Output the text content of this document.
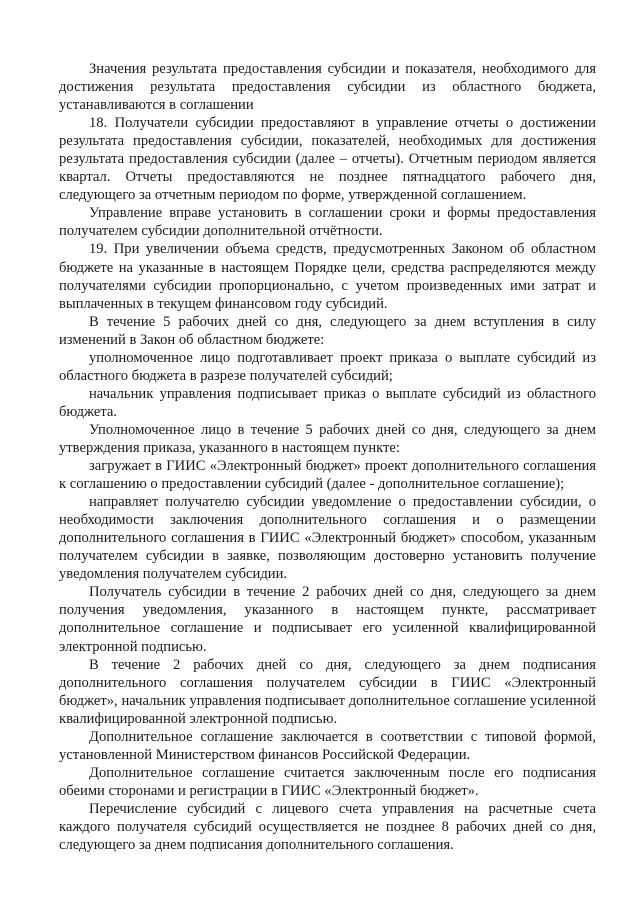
Значения результата предоставления субсидии и показателя, необходимого для достижения результата предоставления субсидии из областного бюджета, устанавливаются в соглашении

18. Получатели субсидии предоставляют в управление отчеты о достижении результата предоставления субсидии, показателей, необходимых для достижения результата предоставления субсидии (далее – отчеты). Отчетным периодом является квартал. Отчеты предоставляются не позднее пятнадцатого рабочего дня, следующего за отчетным периодом по форме, утвержденной соглашением.

Управление вправе установить в соглашении сроки и формы предоставления получателем субсидии дополнительной отчётности.

19. При увеличении объема средств, предусмотренных Законом об областном бюджете на указанные в настоящем Порядке цели, средства распределяются между получателями субсидии пропорционально, с учетом произведенных ими затрат и выплаченных в текущем финансовом году субсидий.

В течение 5 рабочих дней со дня, следующего за днем вступления в силу изменений в Закон об областном бюджете:

уполномоченное лицо подготавливает проект приказа о выплате субсидий из областного бюджета в разрезе получателей субсидий;

начальник управления подписывает приказ о выплате субсидий из областного бюджета.

Уполномоченное лицо в течение 5 рабочих дней со дня, следующего за днем утверждения приказа, указанного в настоящем пункте:

загружает в ГИИС «Электронный бюджет» проект дополнительного соглашения к соглашению о предоставлении субсидий (далее - дополнительное соглашение);

направляет получателю субсидии уведомление о предоставлении субсидии, о необходимости заключения дополнительного соглашения и о размещении дополнительного соглашения в ГИИС «Электронный бюджет» способом, указанным получателем субсидии в заявке, позволяющим достоверно установить получение уведомления получателем субсидии.

Получатель субсидии в течение 2 рабочих дней со дня, следующего за днем получения уведомления, указанного в настоящем пункте, рассматривает дополнительное соглашение и подписывает его усиленной квалифицированной электронной подписью.

В течение 2 рабочих дней со дня, следующего за днем подписания дополнительного соглашения получателем субсидии в ГИИС «Электронный бюджет», начальник управления подписывает дополнительное соглашение усиленной квалифицированной электронной подписью.

Дополнительное соглашение заключается в соответствии с типовой формой, установленной Министерством финансов Российской Федерации.

Дополнительное соглашение считается заключенным после его подписания обеими сторонами и регистрации в ГИИС «Электронный бюджет».

Перечисление субсидий с лицевого счета управления на расчетные счета каждого получателя субсидий осуществляется не позднее 8 рабочих дней со дня, следующего за днем подписания дополнительного соглашения.
